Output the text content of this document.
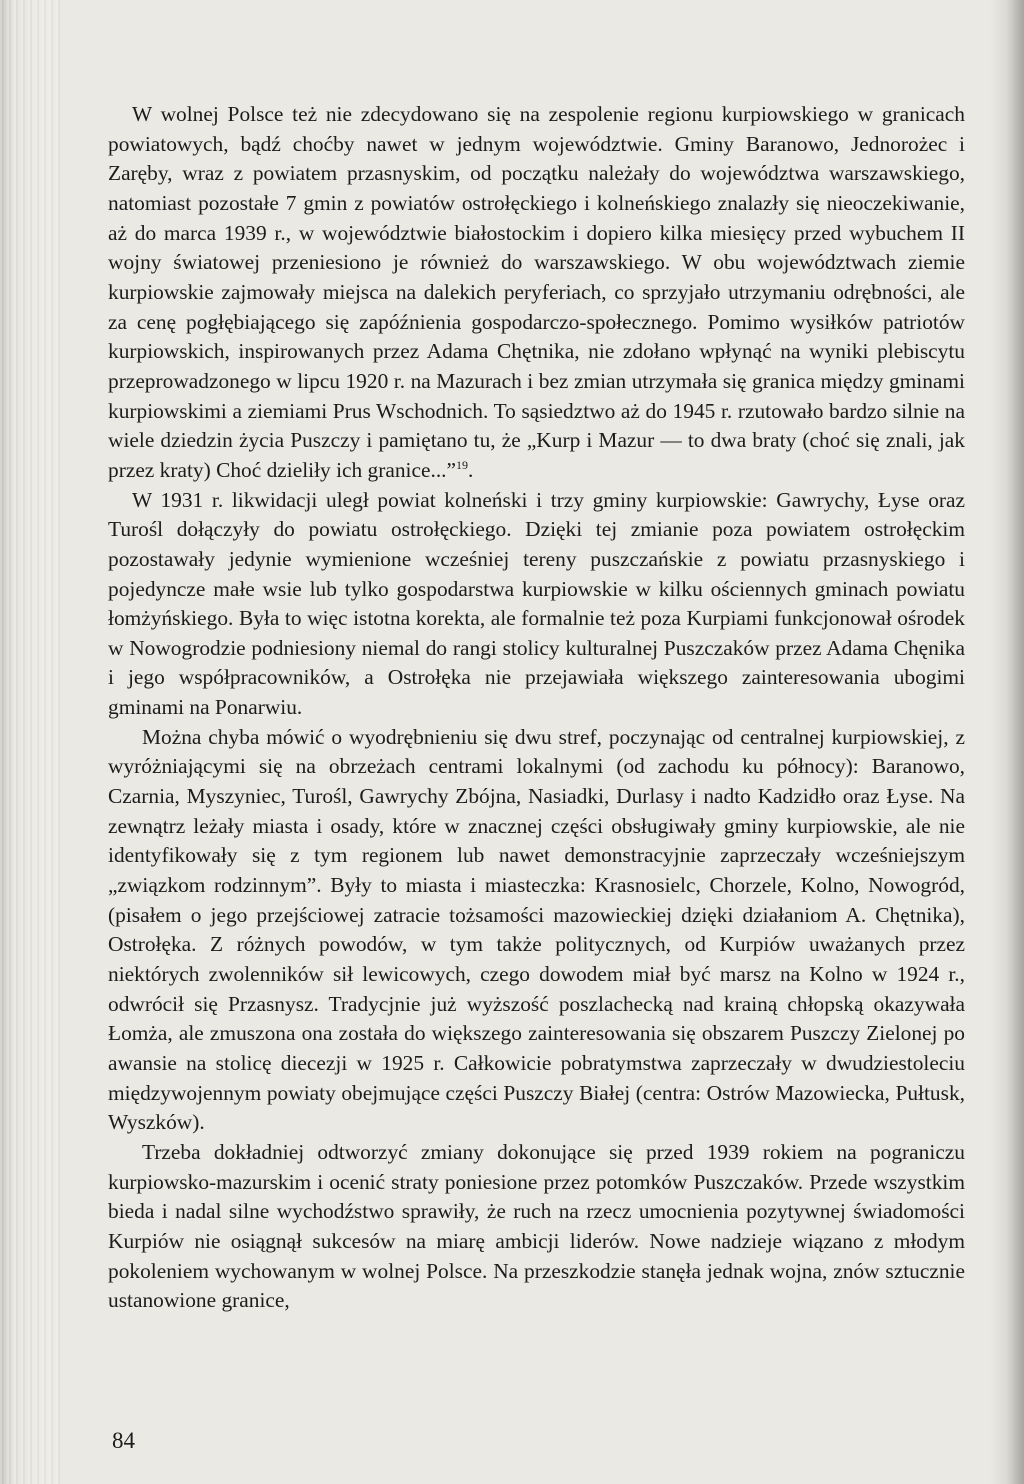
W wolnej Polsce też nie zdecydowano się na zespolenie regionu kurpiowskiego w granicach powiatowych, bądź choćby nawet w jednym województwie. Gminy Baranowo, Jednorożec i Zaręby, wraz z powiatem przasnyskim, od początku należały do województwa warszawskiego, natomiast pozostałe 7 gmin z powiatów ostrołęckiego i kolneńskiego znalazły się nieoczekiwanie, aż do marca 1939 r., w województwie białostockim i dopiero kilka miesięcy przed wybuchem II wojny światowej przeniesiono je również do warszawskiego. W obu województwach ziemie kurpiowskie zajmowały miejsca na dalekich peryferiach, co sprzyjało utrzymaniu odrębności, ale za cenę pogłębiającego się zapóźnienia gospodarczo-społecznego. Pomimo wysiłków patriotów kurpiowskich, inspirowanych przez Adama Chętnika, nie zdołano wpłynąć na wyniki plebiscytu przeprowadzonego w lipcu 1920 r. na Mazurach i bez zmian utrzymała się granica między gminami kurpiowskimi a ziemiami Prus Wschodnich. To sąsiedztwo aż do 1945 r. rzutowało bardzo silnie na wiele dziedzin życia Puszczy i pamiętano tu, że „Kurp i Mazur — to dwa braty (choć się znali, jak przez kraty) Choć dzieliły ich granice...”$^{19}$.

W 1931 r. likwidacji uległ powiat kolneński i trzy gminy kurpiowskie: Gawrychy, Łyse oraz Turośl dołączyły do powiatu ostrołęckiego. Dzięki tej zmianie poza powiatem ostrołęckim pozostawały jedynie wymienione wcześniej tereny puszczańskie z powiatu przasnyskiego i pojedyncze małe wsie lub tylko gospodarstwa kurpiowskie w kilku ościennych gminach powiatu łomżyńskiego. Była to więc istotna korekta, ale formalnie też poza Kurpiami funkcjonował ośrodek w Nowogrodzie podniesiony niemal do rangi stolicy kulturalnej Puszczaków przez Adama Chęnika i jego współpracowników, a Ostrołęka nie przejawiała większego zainteresowania ubogimi gminami na Ponarwiu.

Można chyba mówić o wyodrębnieniu się dwu stref, poczynając od centralnej kurpiowskiej, z wyróżniającymi się na obrzeżach centrami lokalnymi (od zachodu ku północy): Baranowo, Czarnia, Myszyniec, Turośl, Gawrychy Zbójna, Nasiadki, Durlasy i nadto Kadzidło oraz Łyse. Na zewnątrz leżały miasta i osady, które w znacznej części obsługiwały gminy kurpiowskie, ale nie identyfikowały się z tym regionem lub nawet demonstracyjnie zaprzeczały wcześniejszym „związkom rodzinnym”. Były to miasta i miasteczka: Krasnosielc, Chorzele, Kolno, Nowogród, (pisałem o jego przejściowej zatracie tożsamości mazowieckiej dzięki działaniom A. Chętnika), Ostrołęka. Z różnych powodów, w tym także politycznych, od Kurpiów uważanych przez niektórych zwolenników sił lewicowych, czego dowodem miał być marsz na Kolno w 1924 r., odwrócił się Przasnysz. Tradycjnie już wyższość poszlachecką nad krainą chłopską okazywała Łomża, ale zmuszona ona została do większego zainteresowania się obszarem Puszczy Zielonej po awansie na stolicę diecezji w 1925 r. Całkowicie pobratymstwa zaprzeczały w dwudziestoleciu międzywojennym powiaty obejmujące części Puszczy Białej (centra: Ostrów Mazowiecka, Pułtusk, Wyszków).

Trzeba dokładniej odtworzyć zmiany dokonujące się przed 1939 rokiem na pograniczu kurpiowsko-mazurskim i ocenić straty poniesione przez potomków Puszczaków. Przede wszystkim bieda i nadal silne wychodźstwo sprawiły, że ruch na rzecz umocnienia pozytywnej świadomości Kurpiów nie osiągnął sukcesów na miarę ambicji liderów. Nowe nadzieje wiązano z młodym pokoleniem wychowanym w wolnej Polsce. Na przeszkodzie stanęła jednak wojna, znów sztucznie ustanowione granice,

84
